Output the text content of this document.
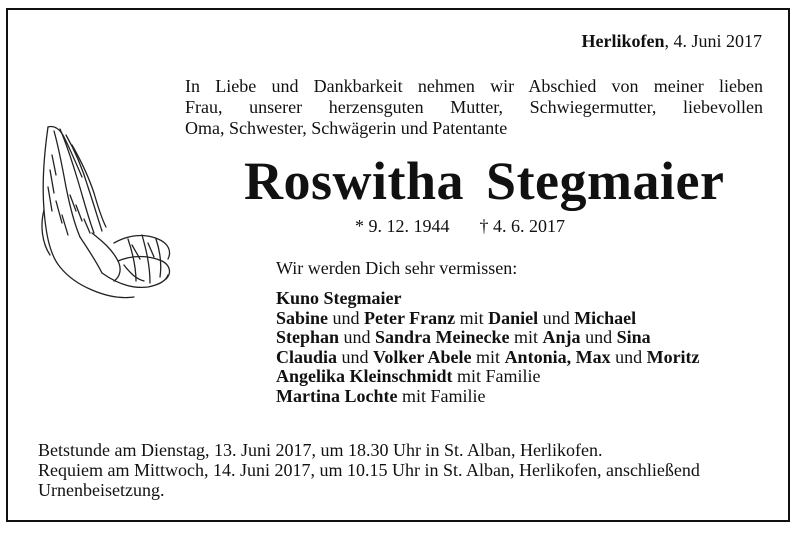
Herlikofen, 4. Juni 2017
In Liebe und Dankbarkeit nehmen wir Abschied von meiner lieben
Frau, unserer herzensguten Mutter, Schwiegermutter, liebevollen
Oma, Schwester, Schwägerin und Patentante
Roswitha Stegmaier
* 9. 12. 1944 † 4. 6. 2017
Wir werden Dich sehr vermissen:
Kuno Stegmaier
Sabine und Peter Franz mit Daniel und Michael
Stephan und Sandra Meinecke mit Anja und Sina
Claudia und Volker Abele mit Antonia, Max und Moritz
Angelika Kleinschmidt mit Familie
Martina Lochte mit Familie
Betstunde am Dienstag, 13. Juni 2017, um 18.30 Uhr in St. Alban, Herlikofen.
Requiem am Mittwoch, 14. Juni 2017, um 10.15 Uhr in St. Alban, Herlikofen, anschließend
Urnenbeisetzung.
